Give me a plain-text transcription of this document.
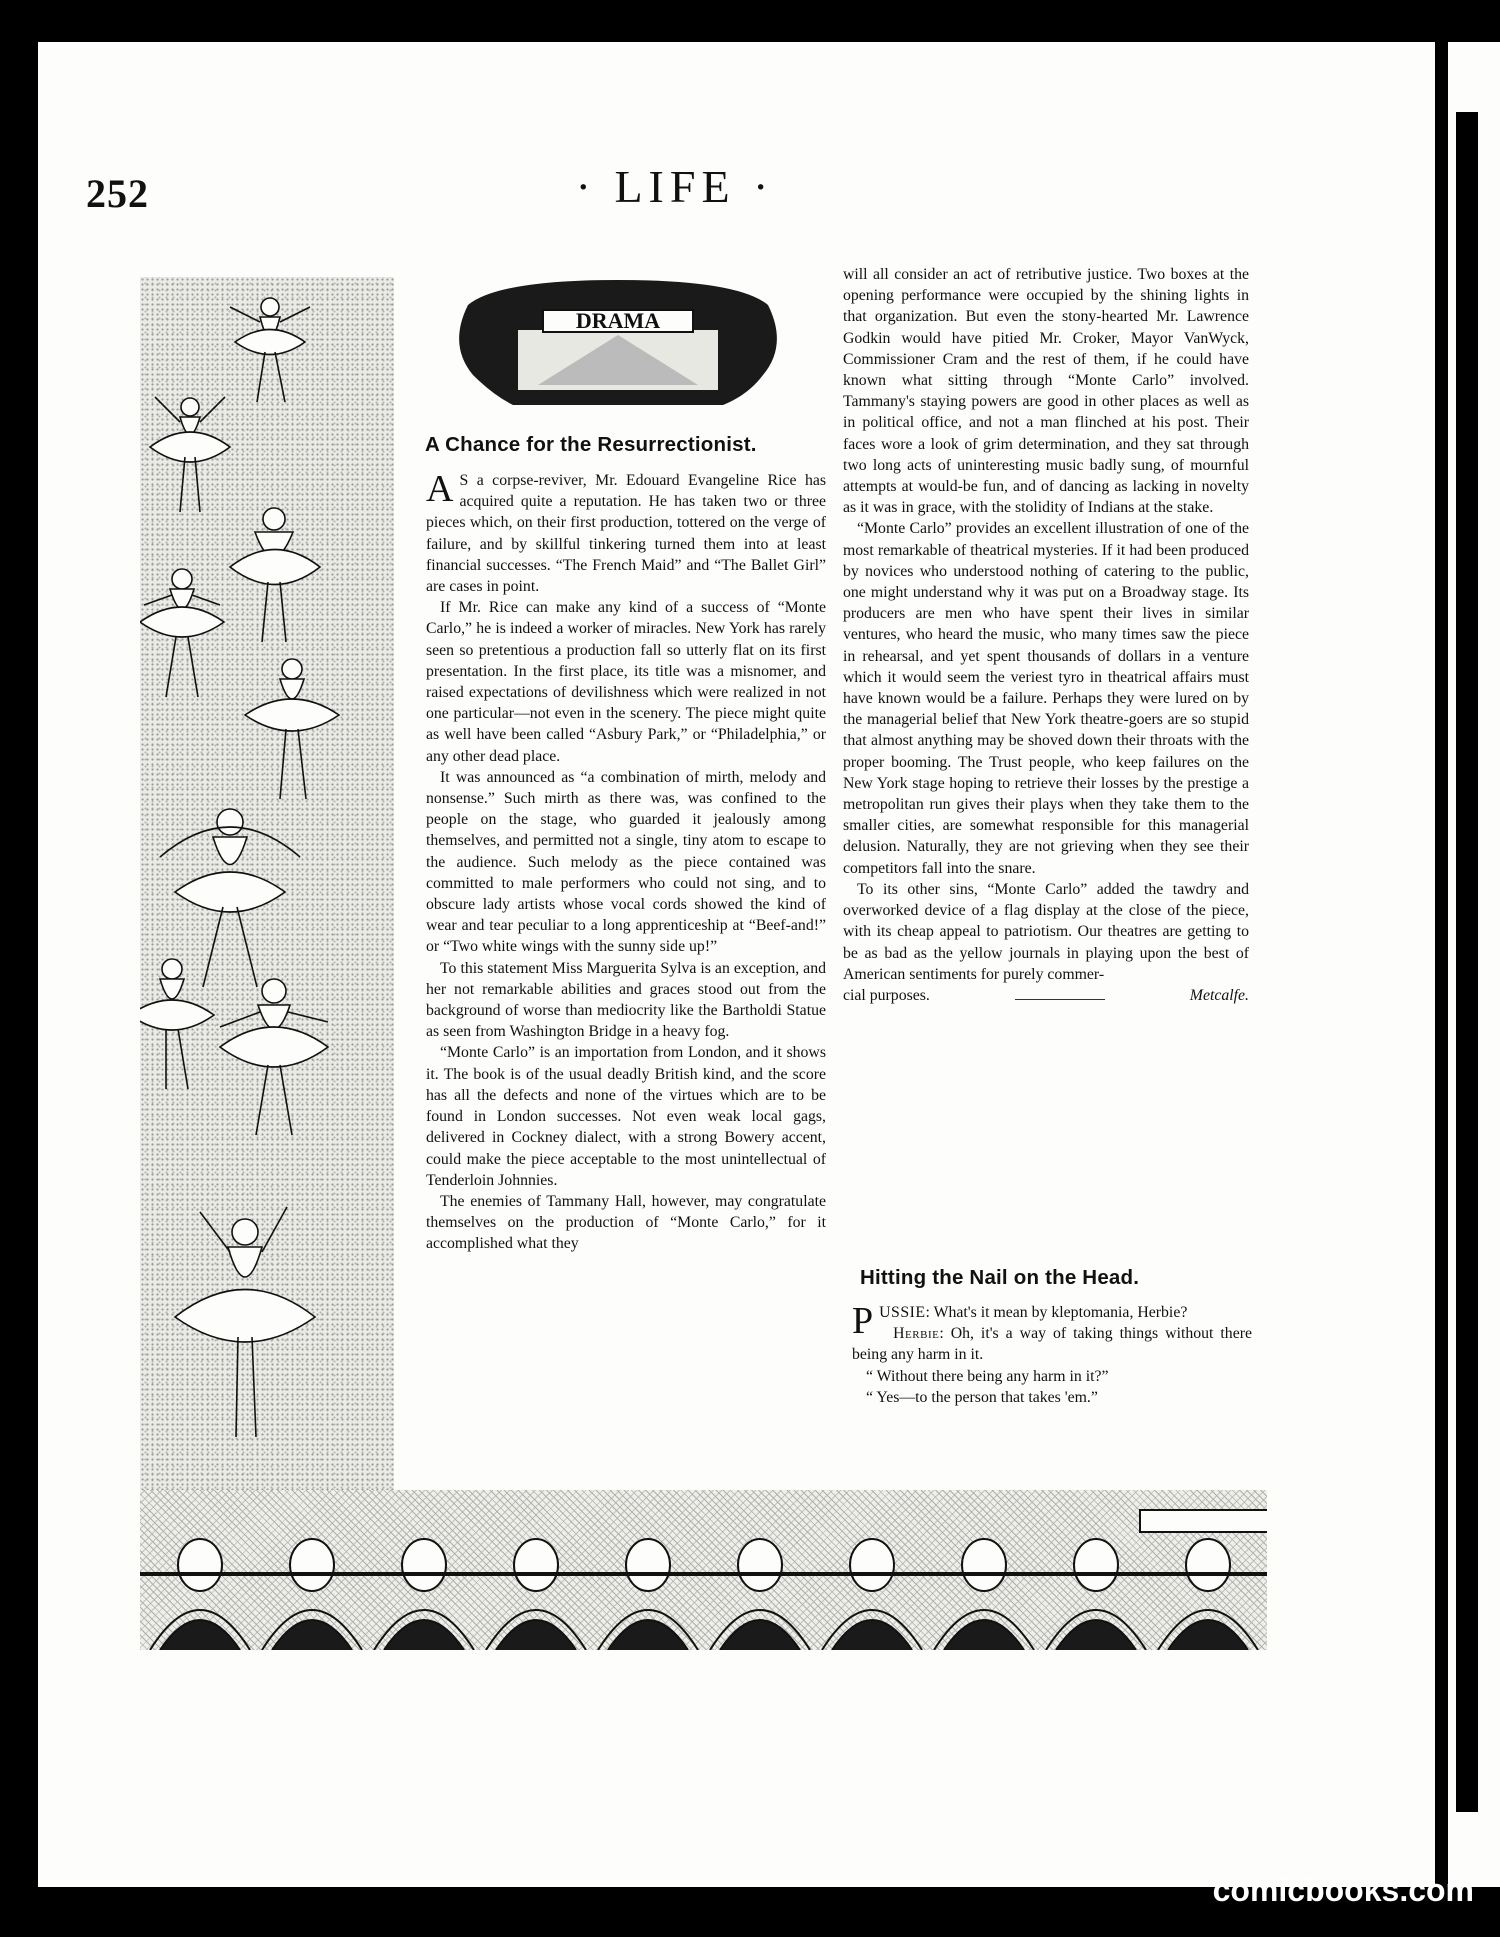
252	· LIFE ·
DRAMA
A Chance for the Resurrectionist.

A S a corpse-reviver, Mr. Edouard Evangeline Rice has acquired quite a reputation. He has taken two or three pieces which, on their first production, tottered on the verge of failure, and by skillful tinkering turned them into at least financial successes. “The French Maid” and “The Ballet Girl” are cases in point.

If Mr. Rice can make any kind of a success of “Monte Carlo,” he is indeed a worker of miracles. New York has rarely seen so pretentious a production fall so utterly flat on its first presentation. In the first place, its title was a misnomer, and raised expectations of devilishness which were realized in not one particular—not even in the scenery. The piece might quite as well have been called “Asbury Park,” or “Philadelphia,” or any other dead place.

It was announced as “a combination of mirth, melody and nonsense.” Such mirth as there was, was confined to the people on the stage, who guarded it jealously among themselves, and permitted not a single, tiny atom to escape to the audience. Such melody as the piece contained was committed to male performers who could not sing, and to obscure lady artists whose vocal cords showed the kind of wear and tear peculiar to a long apprenticeship at “Beef-and!” or “Two white wings with the sunny side up!”

To this statement Miss Marguerita Sylva is an exception, and her not remarkable abilities and graces stood out from the background of worse than mediocrity like the Bartholdi Statue as seen from Washington Bridge in a heavy fog.

“Monte Carlo” is an importation from London, and it shows it. The book is of the usual deadly British kind, and the score has all the defects and none of the virtues which are to be found in London successes. Not even weak local gags, delivered in Cockney dialect, with a strong Bowery accent, could make the piece acceptable to the most unintellectual of Tenderloin Johnnies.

The enemies of Tammany Hall, however, may congratulate themselves on the production of “Monte Carlo,” for it accomplished what they

will all consider an act of retributive justice. Two boxes at the opening performance were occupied by the shining lights in that organization. But even the stony-hearted Mr. Lawrence Godkin would have pitied Mr. Croker, Mayor VanWyck, Commissioner Cram and the rest of them, if he could have known what sitting through “Monte Carlo” involved. Tammany's staying powers are good in other places as well as in political office, and not a man flinched at his post. Their faces wore a look of grim determination, and they sat through two long acts of uninteresting music badly sung, of mournful attempts at would-be fun, and of dancing as lacking in novelty as it was in grace, with the stolidity of Indians at the stake.

“Monte Carlo” provides an excellent illustration of one of the most remarkable of theatrical mysteries. If it had been produced by novices who understood nothing of catering to the public, one might understand why it was put on a Broadway stage. Its producers are men who have spent their lives in similar ventures, who heard the music, who many times saw the piece in rehearsal, and yet spent thousands of dollars in a venture which it would seem the veriest tyro in theatrical affairs must have known would be a failure. Perhaps they were lured on by the managerial belief that New York theatre-goers are so stupid that almost anything may be shoved down their throats with the proper booming. The Trust people, who keep failures on the New York stage hoping to retrieve their losses by the prestige a metropolitan run gives their plays when they take them to the smaller cities, are somewhat responsible for this managerial delusion. Naturally, they are not grieving when they see their competitors fall into the snare.

To its other sins, “Monte Carlo” added the tawdry and overworked device of a flag display at the close of the piece, with its cheap appeal to patriotism. Our theatres are getting to be as bad as the yellow journals in playing upon the best of American sentiments for purely commer-

cial purposes.	Metcalfe.
Hitting the Nail on the Head.

PUSSIE: What's it mean by kleptomania, Herbie?

Herbie: Oh, it's a way of taking things without there being any harm in it.

“ Without there being any harm in it?”

“ Yes—to the person that takes 'em.”

comicbooks.com
